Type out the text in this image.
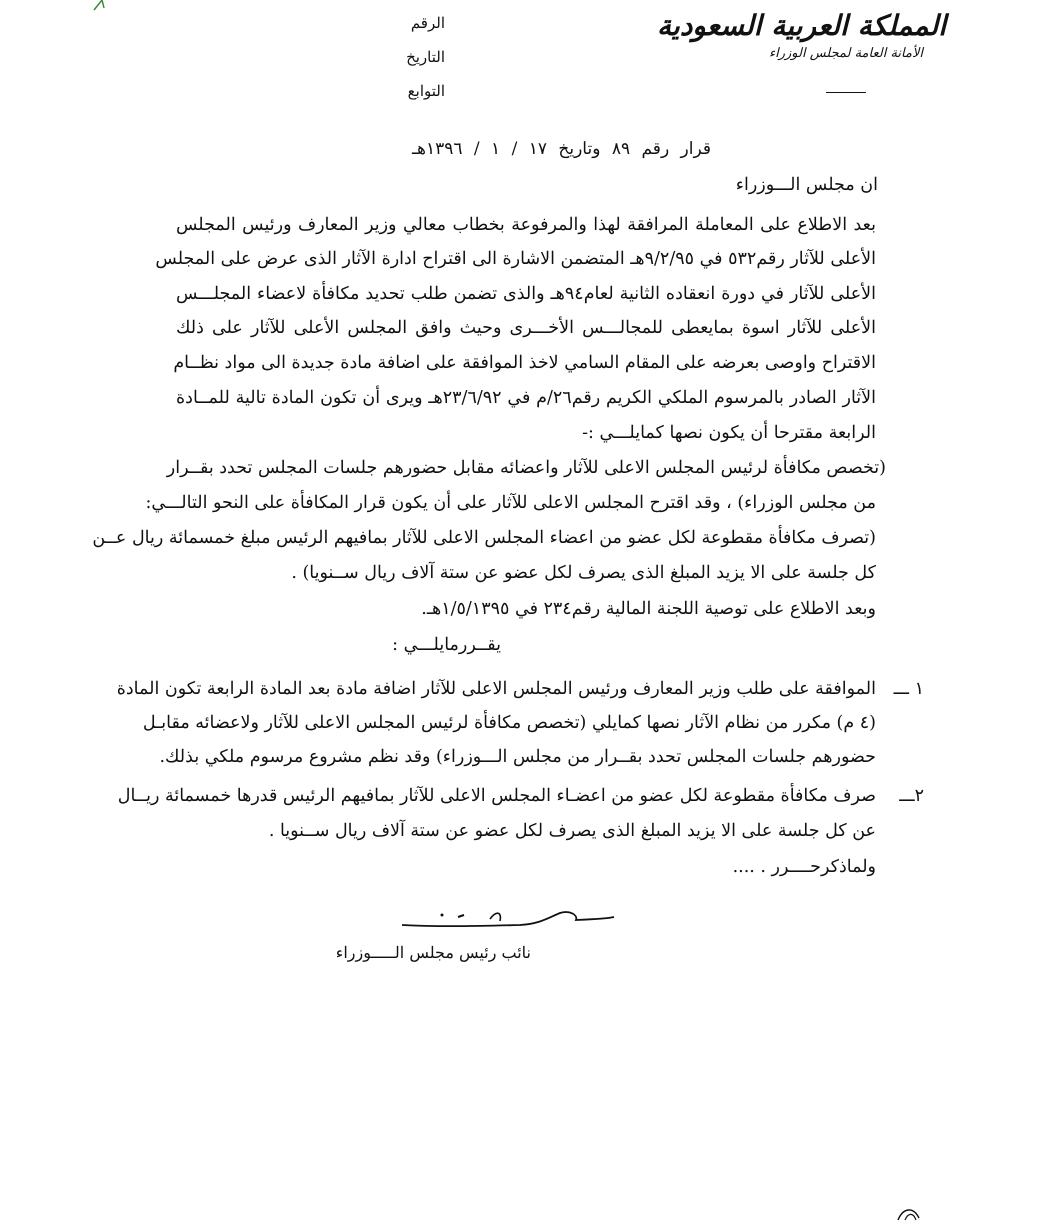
المملكة العربية السعودية
الأمانة العامة لمجلس الوزراء
الرقم
التاريخ
التوابع
قرار رقم ٨٩ وتاريخ ١٧ / ١ / ١٣٩٦هـ
ان مجلس الـــوزراء
بعد الاطلاع على المعاملة المرافقة لهذا والمرفوعة بخطاب معالي وزير المعارف ورئيس المجلس
الأعلى للآثار رقم٥٣٢ في ٩/٢/٩٥هـ المتضمن الاشارة الى اقتراح ادارة الآثار الذى عرض على المجلس
الأعلى للآثار في دورة انعقاده الثانية لعام٩٤هـ والذى تضمن طلب تحديد مكافأة لاعضاء المجلـــس
الأعلى للآثار اسوة بمايعطى للمجالـــس الأخـــرى وحيث وافق المجلس الأعلى للآثار على ذلك
الاقتراح واوصى بعرضه على المقام السامي لاخذ الموافقة على اضافة مادة جديدة الى مواد نظــام
الآثار الصادر بالمرسوم الملكي الكريم رقم٢٦/م في ٢٣/٦/٩٢هـ ويرى أن تكون المادة تالية للمــادة
الرابعة مقترحا أن يكون نصها كمايلـــي :-
(تخصص مكافأة لرئيس المجلس الاعلى للآثار واعضائه مقابل حضورهم جلسات المجلس تحدد بقــرار
من مجلس الوزراء) ، وقد اقترح المجلس الاعلى للآثار على أن يكون قرار المكافأة على النحو التالـــي:
(تصرف مكافأة مقطوعة لكل عضو من اعضاء المجلس الاعلى للآثار بمافيهم الرئيس مبلغ خمسمائة ريال عــن
كل جلسة على الا يزيد المبلغ الذى يصرف لكل عضو عن ستة آلاف ريال ســنويا) .
وبعد الاطلاع على توصية اللجنة المالية رقم٢٣٤ في ١/٥/١٣٩٥هـ.
يقــررمايلـــي :
١ ـــ
الموافقة على طلب وزير المعارف ورئيس المجلس الاعلى للآثار اضافة مادة بعد المادة الرابعة تكون المادة
(٤ م) مكرر من نظام الآثار نصها كمايلي (تخصص مكافأة لرئيس المجلس الاعلى للآثار ولاعضائه مقابـل
حضورهم جلسات المجلس تحدد بقــرار من مجلس الـــوزراء) وقد نظم مشروع مرسوم ملكي بذلك.
٢ـــ
صرف مكافأة مقطوعة لكل عضو من اعضـاء المجلس الاعلى للآثار بمافيهم الرئيس قدرها خمسمائة ريــال
عن كل جلسة على الا يزيد المبلغ الذى يصرف لكل عضو عن ستة آلاف ريال ســنويا .
ولماذكرحــــرر . ....
نائب رئيس مجلس الـــــوزراء
